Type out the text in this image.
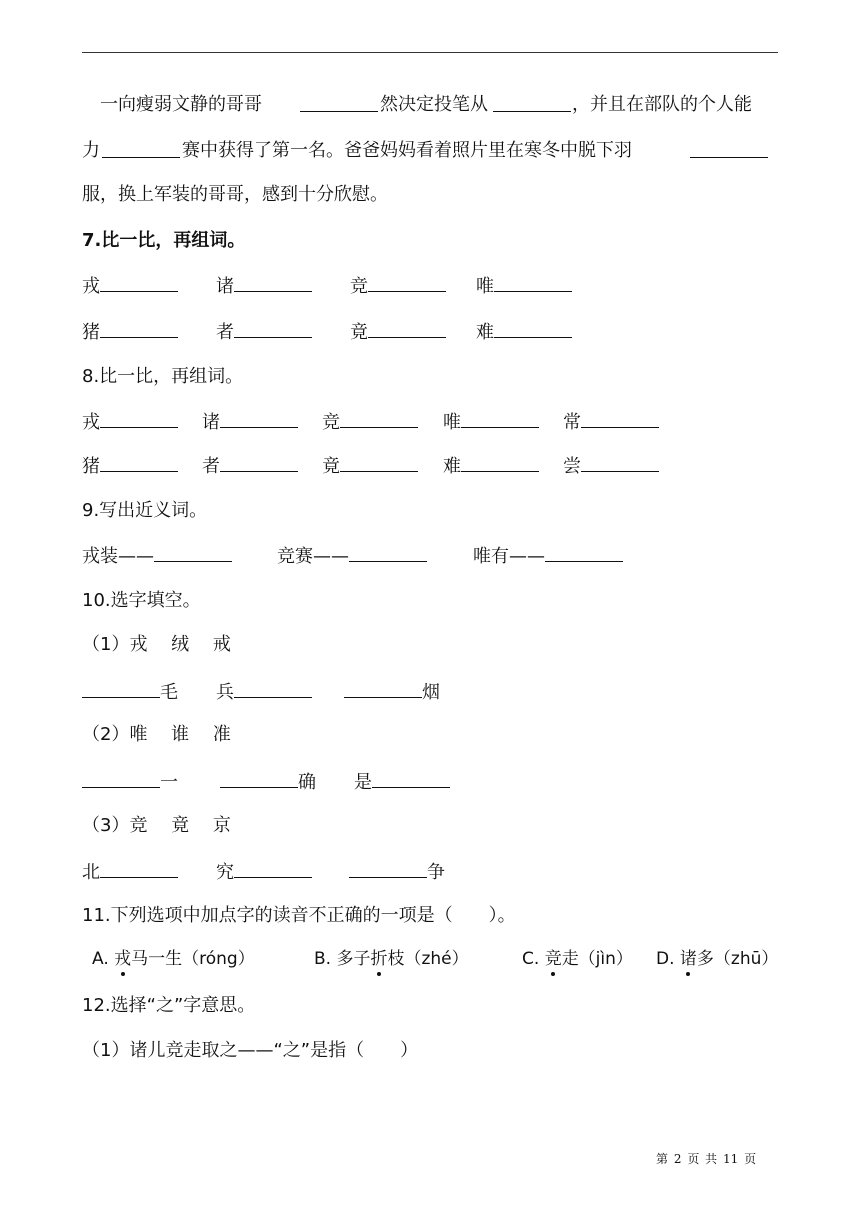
一向瘦弱文静的哥哥	然决定投笔从	，并且在部队的个人能
力	赛中获得了第一名。爸爸妈妈看着照片里在寒冬中脱下羽
服，换上军装的哥哥，感到十分欣慰。
7.比一比，再组词。
戎	诸	竞	唯
猪	者	竟	难
8.比一比，再组词。
戎	诸	竞	唯	常
猪	者	竟	难	尝
9.写出近义词。
戎装——	竞赛——	唯有——
10.选字填空。
（1）戎　 绒　 戒
毛 兵	烟
（2）唯　 谁　 准
一	确 是
（3）竞　 竟　 京
北	究	争
11.下列选项中加点字的读音不正确的一项是（　　）。
A. 戎马一生（róng）	B. 多子折枝（zhé）	C. 竞走（jìn） D. 诸多（zhū）
12.选择“之”字意思。
（1）诸儿竞走取之——“之”是指（　　）
第 2 页 共 11 页
